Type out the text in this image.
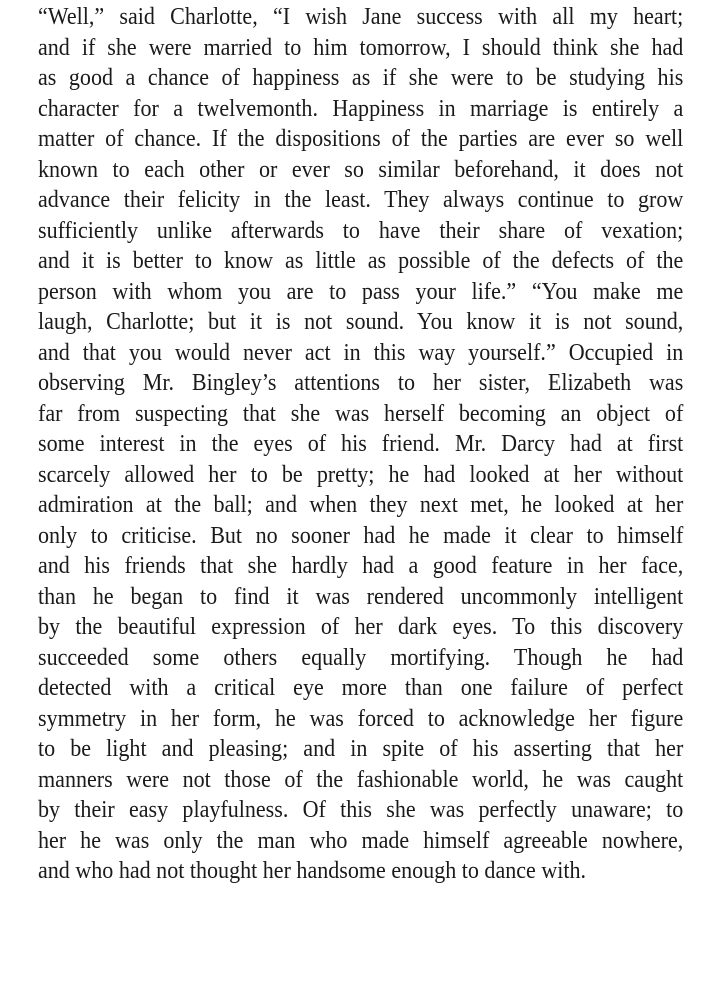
“Well,” said Charlotte, “I wish Jane success with all my heart;
and if she were married to him tomorrow, I should think she had
as good a chance of happiness as if she were to be studying his
character for a twelvemonth. Happiness in marriage is entirely a
matter of chance. If the dispositions of the parties are ever so well
known to each other or ever so similar beforehand, it does not
advance their felicity in the least. They always continue to grow
sufficiently unlike afterwards to have their share of vexation;
and it is better to know as little as possible of the defects of the
person with whom you are to pass your life.” “You make me
laugh, Charlotte; but it is not sound. You know it is not sound,
and that you would never act in this way yourself.” Occupied in
observing Mr. Bingley’s attentions to her sister, Elizabeth was
far from suspecting that she was herself becoming an object of
some interest in the eyes of his friend. Mr. Darcy had at first
scarcely allowed her to be pretty; he had looked at her without
admiration at the ball; and when they next met, he looked at her
only to criticise. But no sooner had he made it clear to himself
and his friends that she hardly had a good feature in her face,
than he began to find it was rendered uncommonly intelligent
by the beautiful expression of her dark eyes. To this discovery
succeeded some others equally mortifying. Though he had
detected with a critical eye more than one failure of perfect
symmetry in her form, he was forced to acknowledge her figure
to be light and pleasing; and in spite of his asserting that her
manners were not those of the fashionable world, he was caught
by their easy playfulness. Of this she was perfectly unaware; to
her he was only the man who made himself agreeable nowhere,
and who had not thought her handsome enough to dance with.
